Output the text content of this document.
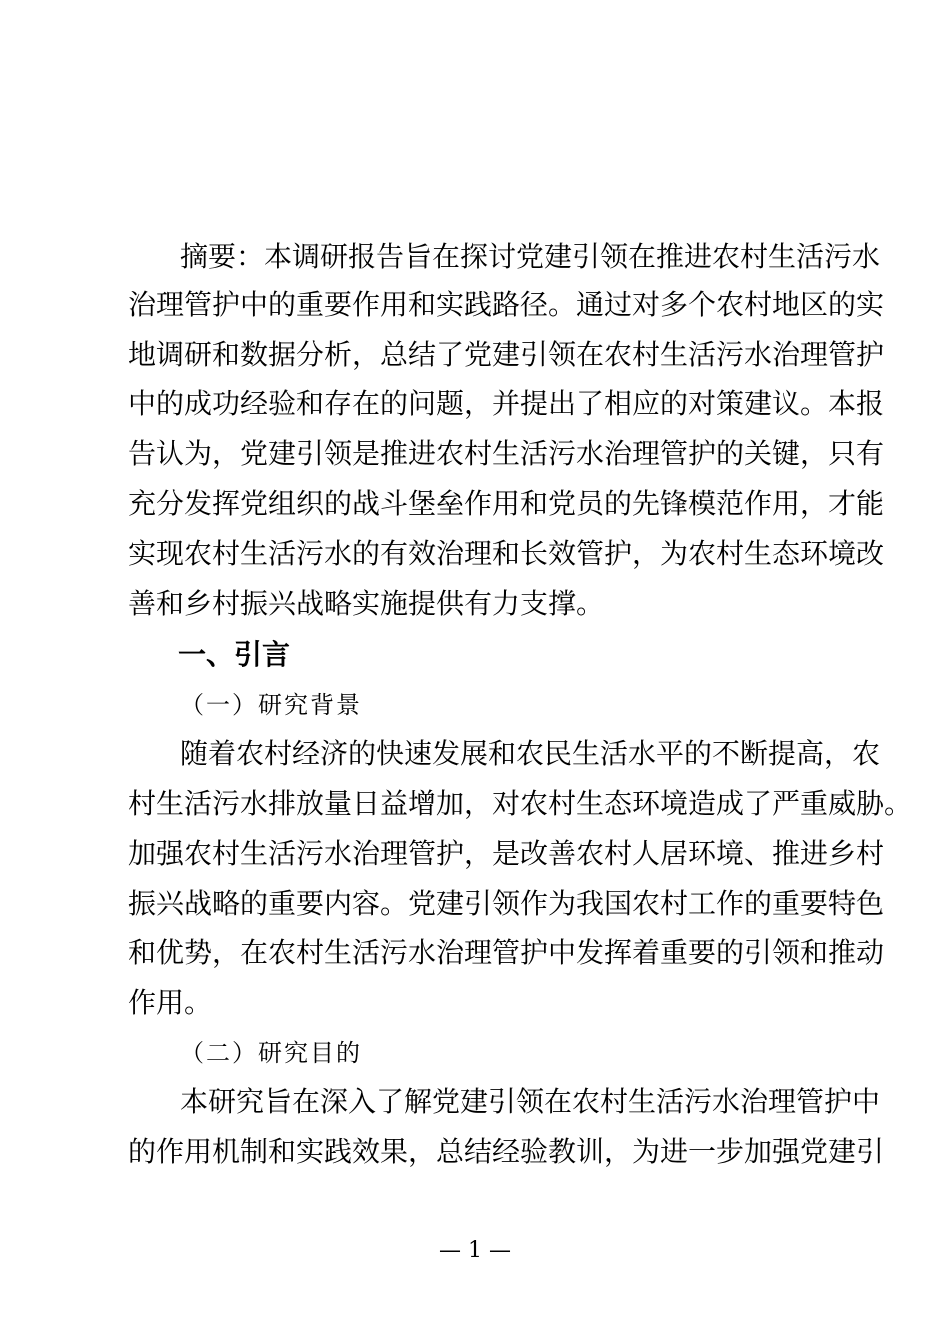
摘要：本调研报告旨在探讨党建引领在推进农村生活污水
治理管护中的重要作用和实践路径。通过对多个农村地区的实
地调研和数据分析，总结了党建引领在农村生活污水治理管护
中的成功经验和存在的问题，并提出了相应的对策建议。本报
告认为，党建引领是推进农村生活污水治理管护的关键，只有
充分发挥党组织的战斗堡垒作用和党员的先锋模范作用，才能
实现农村生活污水的有效治理和长效管护，为农村生态环境改
善和乡村振兴战略实施提供有力支撑。
一、引言
（一）研究背景
随着农村经济的快速发展和农民生活水平的不断提高，农
村生活污水排放量日益增加，对农村生态环境造成了严重威胁。
加强农村生活污水治理管护，是改善农村人居环境、推进乡村
振兴战略的重要内容。党建引领作为我国农村工作的重要特色
和优势，在农村生活污水治理管护中发挥着重要的引领和推动
作用。
（二）研究目的
本研究旨在深入了解党建引领在农村生活污水治理管护中
的作用机制和实践效果，总结经验教训，为进一步加强党建引
— 1 —
